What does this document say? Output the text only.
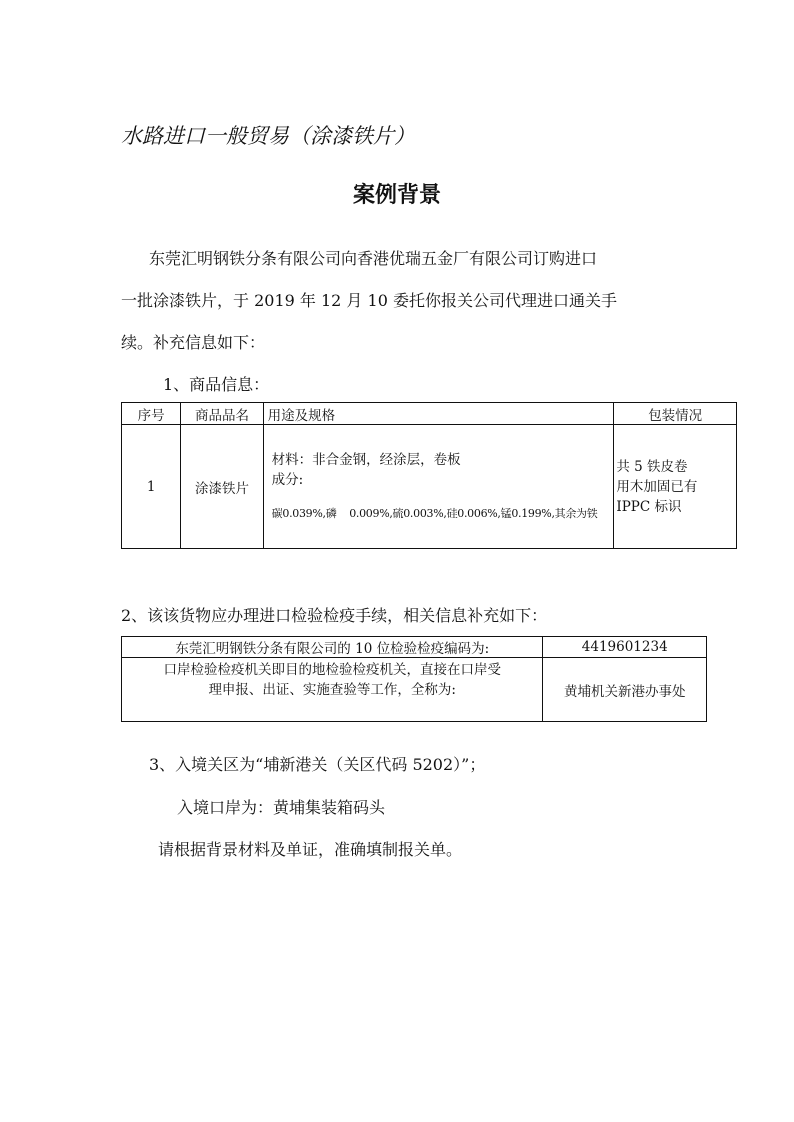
水路进口一般贸易（涂漆铁片）
案例背景
东莞汇明钢铁分条有限公司向香港优瑞五金厂有限公司订购进口
一批涂漆铁片，于 2019 年 12 月 10 委托你报关公司代理进口通关手
续。补充信息如下：
1、商品信息：
序号	商品品名	用途及规格	包装情况
1	涂漆铁片	材料：非合金钢，经涂层，卷板
成分:
碳0.039%,磷    0.009%,硫0.003%,硅0.006%,锰0.199%,其余为铁	共 5 铁皮卷
用木加固已有
IPPC 标识
2、该该货物应办理进口检验检疫手续，相关信息补充如下：
东莞汇明钢铁分条有限公司的 10 位检验检疫编码为:	4419601234

口岸检验检疫机关即目的地检验检疫机关，直接在口岸受
理申报、出证、实施查验等工作，全称为:	黄埔机关新港办事处
3、入境关区为“埔新港关（关区代码 5202）”；
入境口岸为：黄埔集装箱码头
请根据背景材料及单证，准确填制报关单。
